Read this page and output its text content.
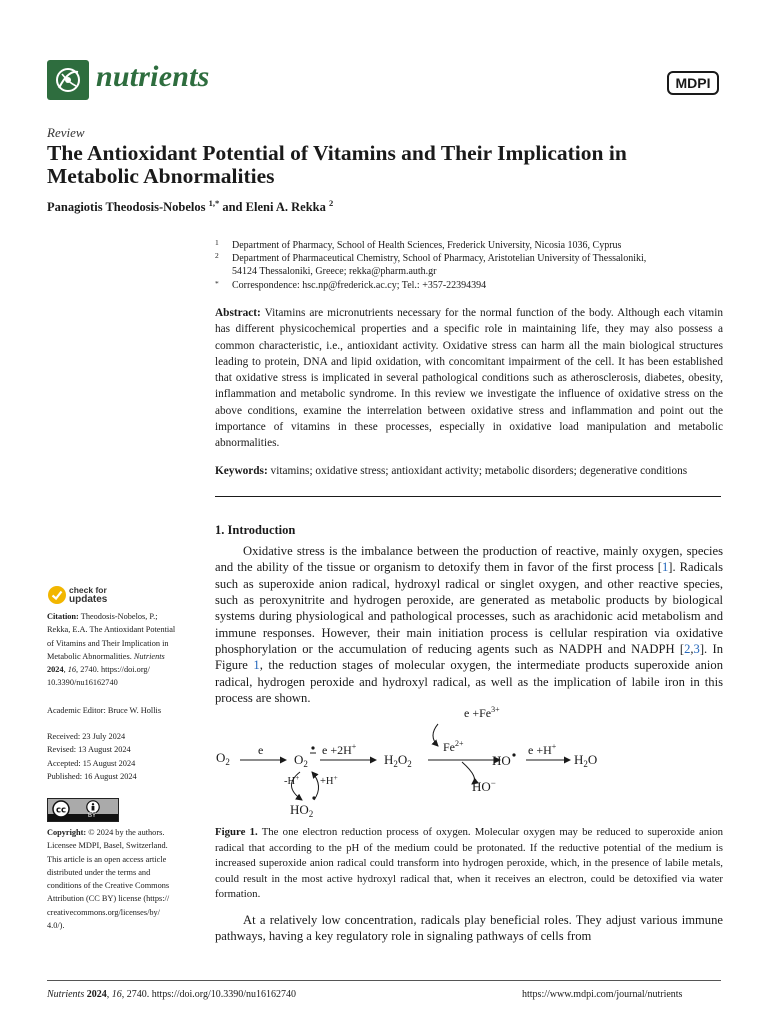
nutrients	MDPI
Review
The Antioxidant Potential of Vitamins and Their Implication in
Metabolic Abnormalities
Panagiotis Theodosis-Nobelos $^{1,*}$ and Eleni A. Rekka $^2$
1 Department of Pharmacy, School of Health Sciences, Frederick University, Nicosia 1036, Cyprus
2 Department of Pharmaceutical Chemistry, School of Pharmacy, Aristotelian University of Thessaloniki,
54124 Thessaloniki, Greece; rekka@pharm.auth.gr
* Correspondence: hsc.np@frederick.ac.cy; Tel.: +357-22394394
Abstract: Vitamins are micronutrients necessary for the normal function of the body. Although each vitamin has different physicochemical properties and a specific role in maintaining life, they may also possess a common characteristic, i.e., antioxidant activity. Oxidative stress can harm all the main biological structures leading to protein, DNA and lipid oxidation, with concomitant impairment of the cell. It has been established that oxidative stress is implicated in several pathological conditions such as atherosclerosis, diabetes, obesity, inflammation and metabolic syndrome. In this review we investigate the influence of oxidative stress on the above conditions, examine the interrelation between oxidative stress and inflammation and point out the importance of vitamins in these processes, especially in oxidative load manipulation and metabolic abnormalities.
Keywords: vitamins; oxidative stress; antioxidant activity; metabolic disorders; degenerative conditions
check for
updates
Citation: Theodosis-Nobelos, P.;
Rekka, E.A. The Antioxidant Potential
of Vitamins and Their Implication in
Metabolic Abnormalities. Nutrients
2024, 16, 2740. https://doi.org/
10.3390/nu16162740
Academic Editor: Bruce W. Hollis
Received: 23 July 2024
Revised: 13 August 2024
Accepted: 15 August 2024
Published: 16 August 2024
cc
BY
Copyright: © 2024 by the authors.
Licensee MDPI, Basel, Switzerland.
This article is an open access article
distributed under the terms and
conditions of the Creative Commons
Attribution (CC BY) license (https://
creativecommons.org/licenses/by/
4.0/).
1. Introduction
Oxidative stress is the imbalance between the production of reactive, mainly oxygen, species and the ability of the tissue or organism to detoxify them in favor of the first process [1]. Radicals such as superoxide anion radical, hydroxyl radical or singlet oxygen, and other reactive species, such as peroxynitrite and hydrogen peroxide, are generated as metabolic products by biological systems during physiological and pathological processes, such as arachidonic acid metabolism and immune responses. However, their main initiation process is cellular respiration via oxidative phosphorylation or the accumulation of reducing agents such as NADPH and NADPH [2,3]. In Figure 1, the reduction stages of molecular oxygen, the intermediate products superoxide anion radical, hydrogen peroxide and hydroxyl radical, as well as the implication of labile iron in this process are shown.
$O_2$
e
$O_2$
e +2H+
$H_2O_2$
$e +Fe^{3+}$
$Fe^{2+}$
HO
e +H+
$H_2O$
HO−
-H+ +H+
$HO_2$
Figure 1. The one electron reduction process of oxygen. Molecular oxygen may be reduced to superoxide anion radical that according to the pH of the medium could be protonated. If the reductive potential of the medium is increased superoxide anion radical could transform into hydrogen peroxide, which, in the presence of labile metals, could result in the most active hydroxyl radical that, when it receives an electron, could be detoxified via water formation.
At a relatively low concentration, radicals play beneficial roles. They adjust various immune pathways, having a key regulatory role in signaling pathways of cells from
Nutrients 2024, 16, 2740. https://doi.org/10.3390/nu16162740	https://www.mdpi.com/journal/nutrients
